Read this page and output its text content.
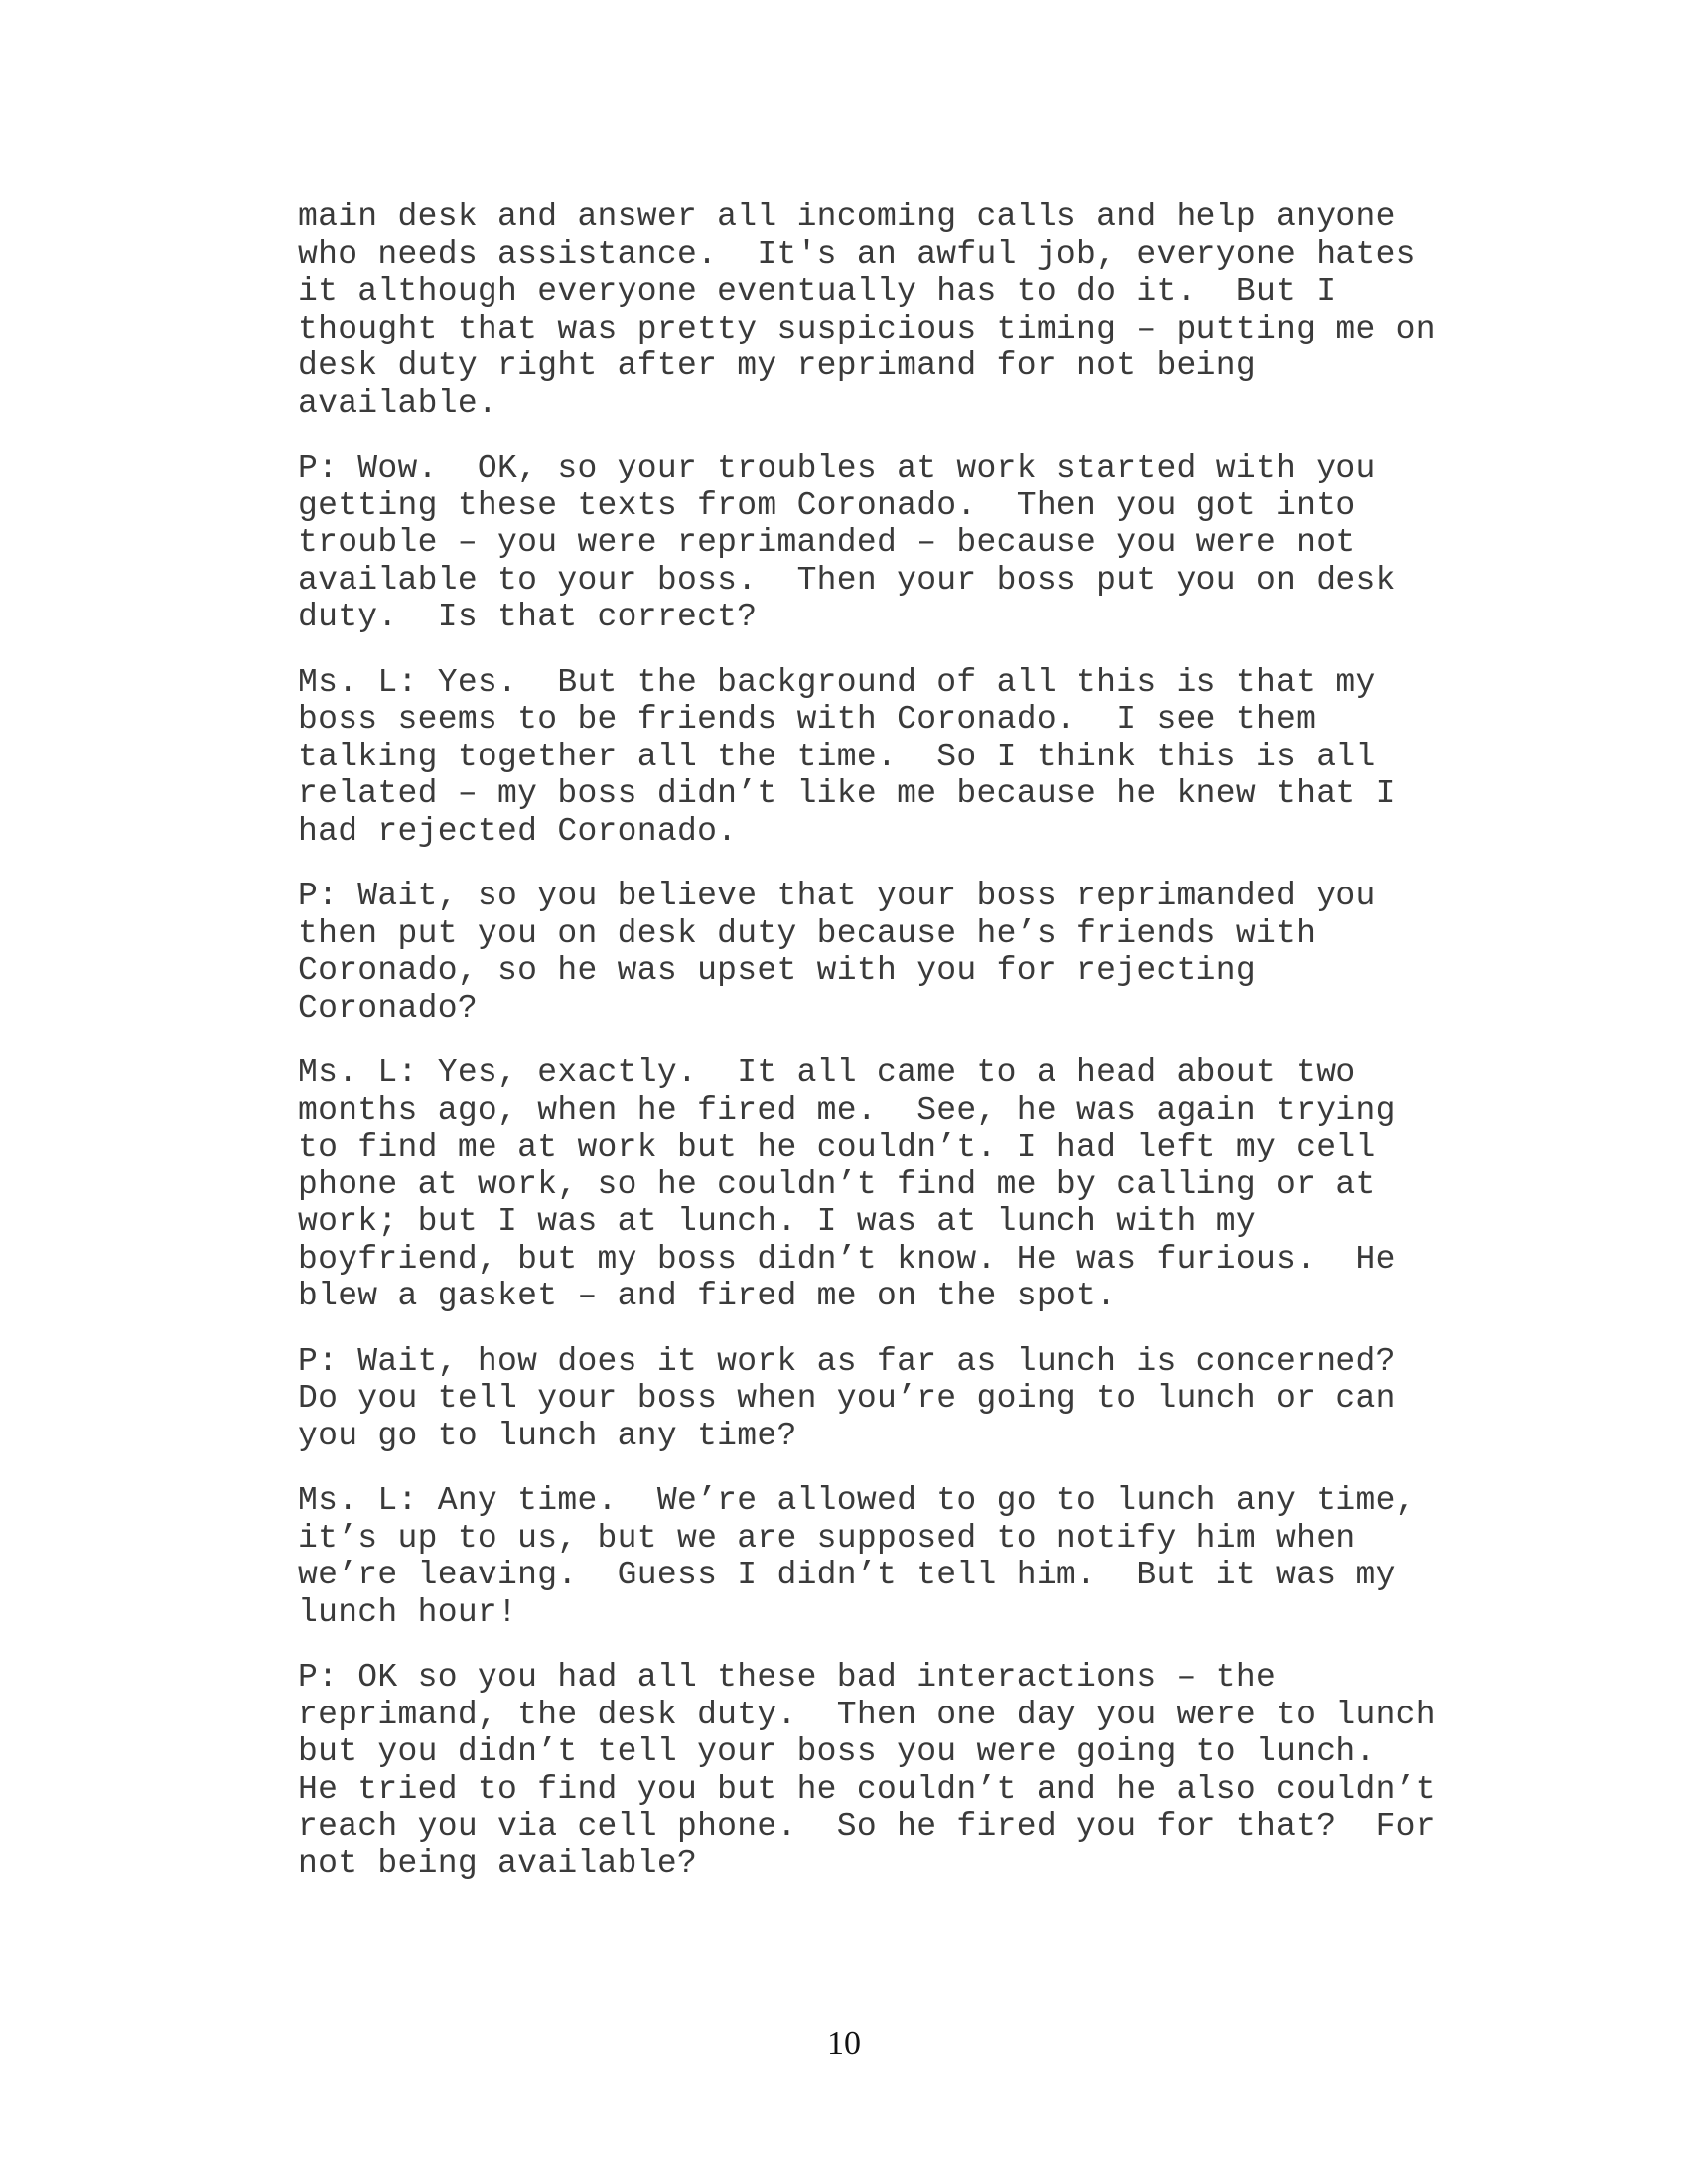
main desk and answer all incoming calls and help anyone
who needs assistance.  It's an awful job, everyone hates
it although everyone eventually has to do it.  But I
thought that was pretty suspicious timing – putting me on
desk duty right after my reprimand for not being
available.
P: Wow.  OK, so your troubles at work started with you
getting these texts from Coronado.  Then you got into
trouble – you were reprimanded – because you were not
available to your boss.  Then your boss put you on desk
duty.  Is that correct?
Ms. L: Yes.  But the background of all this is that my
boss seems to be friends with Coronado.  I see them
talking together all the time.  So I think this is all
related – my boss didn’t like me because he knew that I
had rejected Coronado.
P: Wait, so you believe that your boss reprimanded you
then put you on desk duty because he’s friends with
Coronado, so he was upset with you for rejecting
Coronado?
Ms. L: Yes, exactly.  It all came to a head about two
months ago, when he fired me.  See, he was again trying
to find me at work but he couldn’t. I had left my cell
phone at work, so he couldn’t find me by calling or at
work; but I was at lunch. I was at lunch with my
boyfriend, but my boss didn’t know. He was furious.  He
blew a gasket – and fired me on the spot.
P: Wait, how does it work as far as lunch is concerned?
Do you tell your boss when you’re going to lunch or can
you go to lunch any time?
Ms. L: Any time.  We’re allowed to go to lunch any time,
it’s up to us, but we are supposed to notify him when
we’re leaving.  Guess I didn’t tell him.  But it was my
lunch hour!
P: OK so you had all these bad interactions – the
reprimand, the desk duty.  Then one day you were to lunch
but you didn’t tell your boss you were going to lunch.
He tried to find you but he couldn’t and he also couldn’t
reach you via cell phone.  So he fired you for that?  For
not being available?
10
